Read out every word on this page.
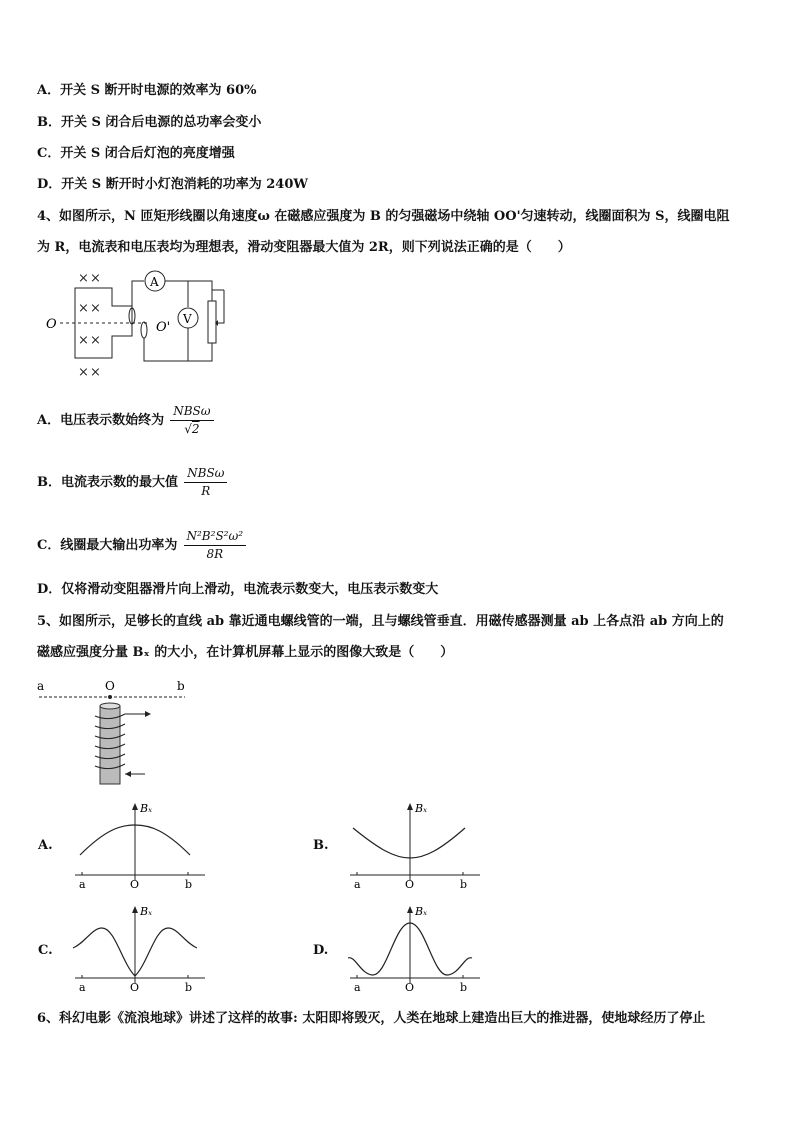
A．开关 S 断开时电源的效率为 60%
B．开关 S 闭合后电源的总功率会变小
C．开关 S 闭合后灯泡的亮度增强
D．开关 S 断开时小灯泡消耗的功率为 240W
4、如图所示，N 匝矩形线圈以角速度ω 在磁感应强度为 B 的匀强磁场中绕轴 OO'匀速转动，线圈面积为 S，线圈电阻
为 R，电流表和电压表均为理想表，滑动变阻器最大值为 2R，则下列说法正确的是（　　）
× ×
× ×
× ×
× ×
O	O'
A
V
A．电压表示数始终为 $\frac{\text{NBSω}}{√2}$
B．电流表示数的最大值 $\frac{\text{NBSω}}{R}$
C．线圈最大输出功率为 $\frac{\text{N²B²S²ω²}}{8R}$
D．仅将滑动变阻器滑片向上滑动，电流表示数变大，电压表示数变大
5、如图所示，足够长的直线 ab 靠近通电螺线管的一端，且与螺线管垂直．用磁传感器测量 ab 上各点沿 ab 方向上的
磁感应强度分量 Bₓ 的大小，在计算机屏幕上显示的图像大致是（　　）
a	O	b
A.	B.
C.	D.
Bₓ
a	O	b
Bₓ
a	O	b
Bₓ
a	O	b
Bₓ
a	O	b
6、科幻电影《流浪地球》讲述了这样的故事: 太阳即将毁灭，人类在地球上建造出巨大的推进器，使地球经历了停止
